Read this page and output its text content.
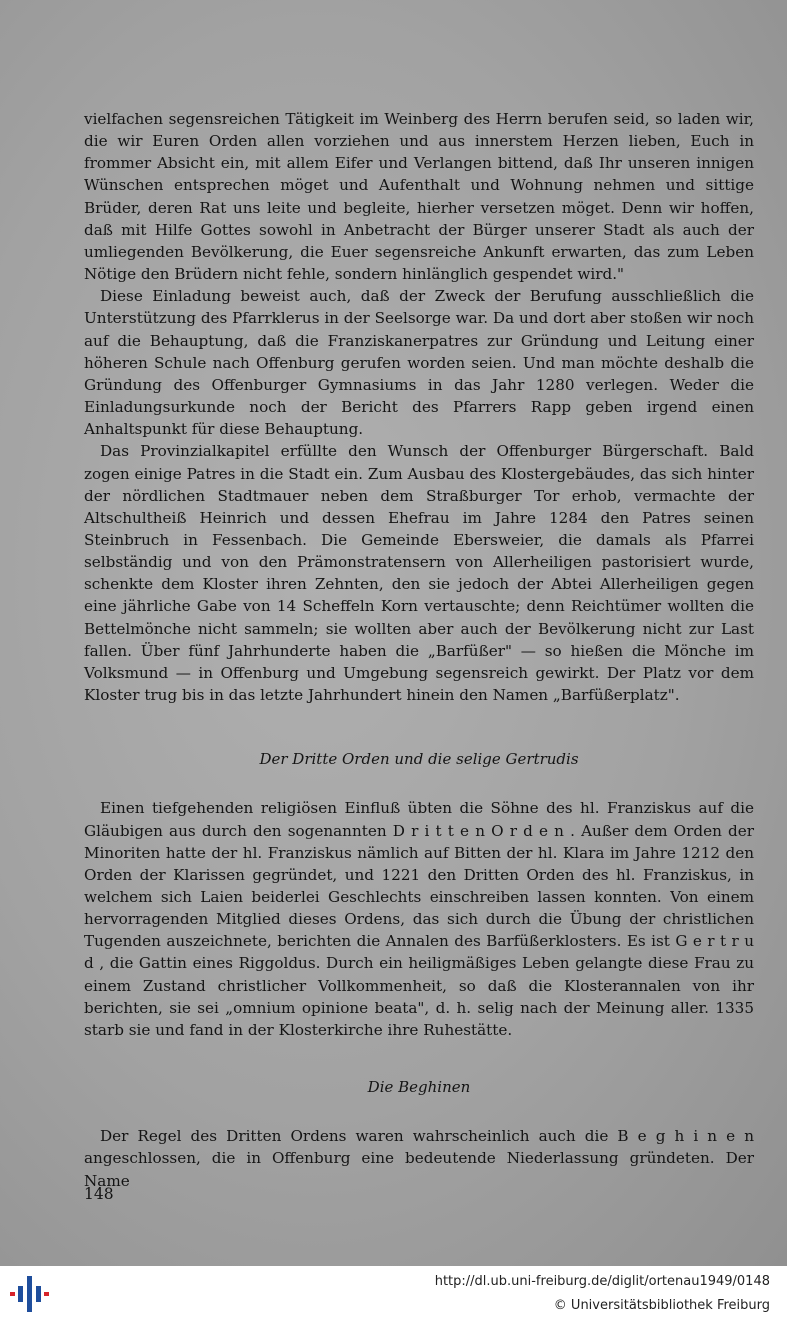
vielfachen segensreichen Tätigkeit im Weinberg des Herrn berufen seid, so laden wir, die wir Euren Orden allen vorziehen und aus innerstem Herzen lieben, Euch in frommer Absicht ein, mit allem Eifer und Verlangen bittend, daß Ihr unseren innigen Wünschen entsprechen möget und Aufenthalt und Wohnung nehmen und sittige Brüder, deren Rat uns leite und begleite, hierher versetzen möget. Denn wir hoffen, daß mit Hilfe Gottes sowohl in Anbetracht der Bürger unserer Stadt als auch der umliegenden Bevölkerung, die Euer segensreiche Ankunft erwarten, das zum Leben Nötige den Brüdern nicht fehle, sondern hinlänglich gespendet wird."

Diese Einladung beweist auch, daß der Zweck der Berufung ausschließlich die Unterstützung des Pfarrklerus in der Seelsorge war. Da und dort aber stoßen wir noch auf die Behauptung, daß die Franziskanerpatres zur Gründung und Leitung einer höheren Schule nach Offenburg gerufen worden seien. Und man möchte deshalb die Gründung des Offenburger Gymnasiums in das Jahr 1280 verlegen. Weder die Einladungsurkunde noch der Bericht des Pfarrers Rapp geben irgend einen Anhaltspunkt für diese Behauptung.

Das Provinzialkapitel erfüllte den Wunsch der Offenburger Bürgerschaft. Bald zogen einige Patres in die Stadt ein. Zum Ausbau des Klostergebäudes, das sich hinter der nördlichen Stadtmauer neben dem Straßburger Tor erhob, vermachte der Altschultheiß Heinrich und dessen Ehefrau im Jahre 1284 den Patres seinen Steinbruch in Fessenbach. Die Gemeinde Ebersweier, die damals als Pfarrei selbständig und von den Prämonstratensern von Allerheiligen pastorisiert wurde, schenkte dem Kloster ihren Zehnten, den sie jedoch der Abtei Allerheiligen gegen eine jährliche Gabe von 14 Scheffeln Korn vertauschte; denn Reichtümer wollten die Bettelmönche nicht sammeln; sie wollten aber auch der Bevölkerung nicht zur Last fallen. Über fünf Jahrhunderte haben die „Barfüßer" — so hießen die Mönche im Volksmund — in Offenburg und Umgebung segensreich gewirkt. Der Platz vor dem Kloster trug bis in das letzte Jahrhundert hinein den Namen „Barfüßerplatz".

Der Dritte Orden und die selige Gertrudis

Einen tiefgehenden religiösen Einfluß übten die Söhne des hl. Franziskus auf die Gläubigen aus durch den sogenannten D r i t t e n O r d e n . Außer dem Orden der Minoriten hatte der hl. Franziskus nämlich auf Bitten der hl. Klara im Jahre 1212 den Orden der Klarissen gegründet, und 1221 den Dritten Orden des hl. Franziskus, in welchem sich Laien beiderlei Geschlechts einschreiben lassen konnten. Von einem hervorragenden Mitglied dieses Ordens, das sich durch die Übung der christlichen Tugenden auszeichnete, berichten die Annalen des Barfüßerklosters. Es ist G e r t r u d , die Gattin eines Riggoldus. Durch ein heiligmäßiges Leben gelangte diese Frau zu einem Zustand christlicher Vollkommenheit, so daß die Klosterannalen von ihr berichten, sie sei „omnium opinione beata", d. h. selig nach der Meinung aller. 1335 starb sie und fand in der Klosterkirche ihre Ruhestätte.

Die Beghinen

Der Regel des Dritten Ordens waren wahrscheinlich auch die B e g h i n e n angeschlossen, die in Offenburg eine bedeutende Niederlassung gründeten. Der Name

148
http://dl.ub.uni-freiburg.de/diglit/ortenau1949/0148
© Universitätsbibliothek Freiburg
